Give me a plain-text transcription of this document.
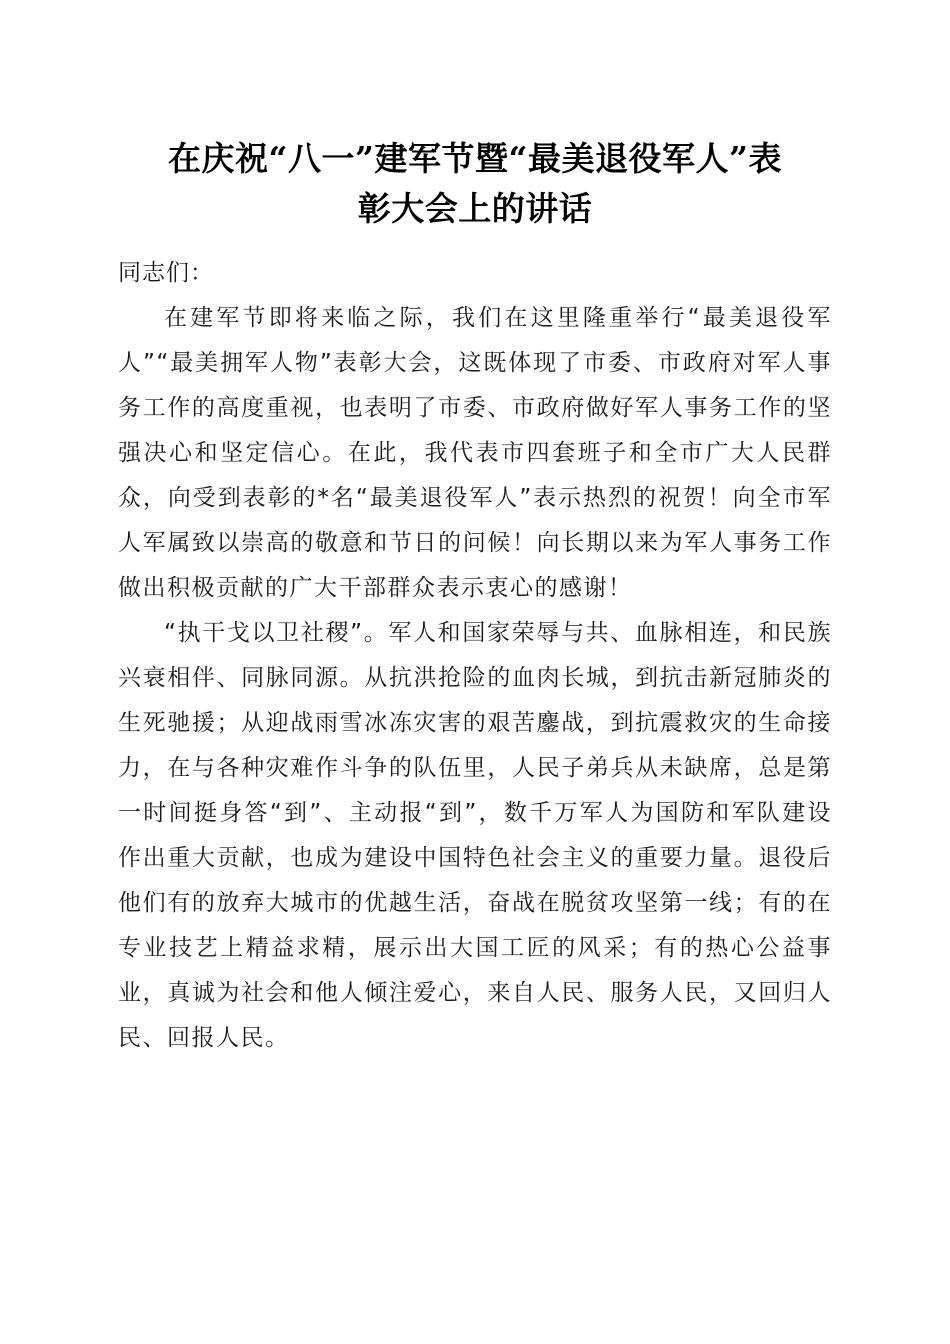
在庆祝“八一”建军节暨“最美退役军人”表
彰大会上的讲话

同志们：

在建军节即将来临之际，我们在这里隆重举行“最美退役军人”“最美拥军人物”表彰大会，这既体现了市委、市政府对军人事务工作的高度重视，也表明了市委、市政府做好军人事务工作的坚强决心和坚定信心。在此，我代表市四套班子和全市广大人民群众，向受到表彰的*名“最美退役军人”表示热烈的祝贺！向全市军人军属致以崇高的敬意和节日的问候！向长期以来为军人事务工作做出积极贡献的广大干部群众表示衷心的感谢！

“执干戈以卫社稷”。军人和国家荣辱与共、血脉相连，和民族兴衰相伴、同脉同源。从抗洪抢险的血肉长城，到抗击新冠肺炎的生死驰援；从迎战雨雪冰冻灾害的艰苦鏖战，到抗震救灾的生命接力，在与各种灾难作斗争的队伍里，人民子弟兵从未缺席，总是第一时间挺身答“到”、主动报“到”，数千万军人为国防和军队建设作出重大贡献，也成为建设中国特色社会主义的重要力量。退役后他们有的放弃大城市的优越生活，奋战在脱贫攻坚第一线；有的在专业技艺上精益求精，展示出大国工匠的风采；有的热心公益事业，真诚为社会和他人倾注爱心，来自人民、服务人民，又回归人民、回报人民。
